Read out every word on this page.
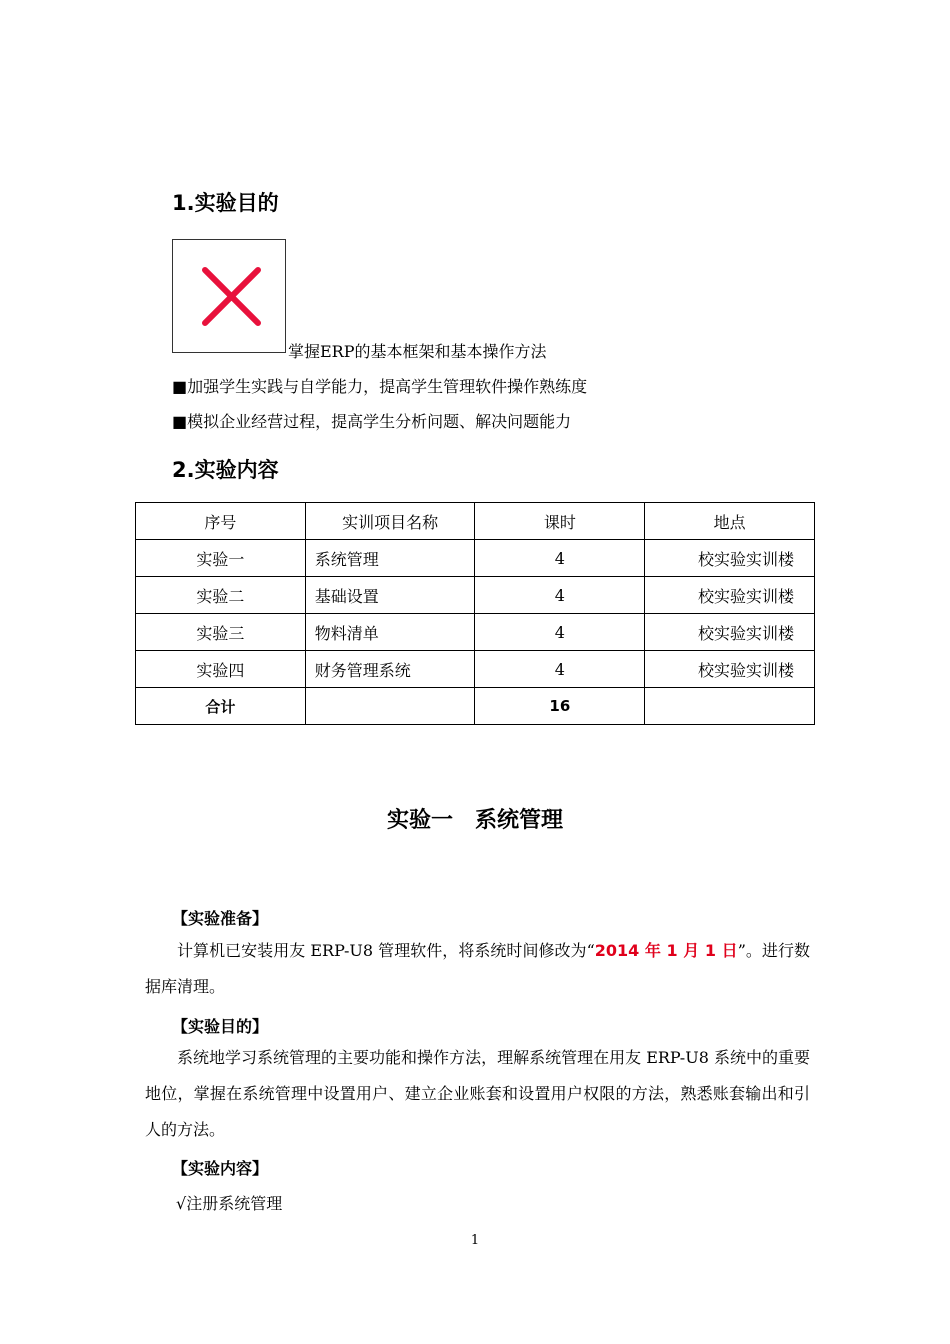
1.实验目的
掌握ERP的基本框架和基本操作方法
■加强学生实践与自学能力，提高学生管理软件操作熟练度
■模拟企业经营过程，提高学生分析问题、解决问题能力
2.实验内容
序号	实训项目名称	课时	地点
实验一	系统管理	4	校实验实训楼
实验二	基础设置	4	校实验实训楼
实验三	物料清单	4	校实验实训楼
实验四	财务管理系统	4	校实验实训楼
合计		16	
实验一　系统管理
【实验准备】
计算机已安装用友 ERP-U8 管理软件，将系统时间修改为“2014 年 1 月 1 日”。进行数据库清理。
【实验目的】
系统地学习系统管理的主要功能和操作方法，理解系统管理在用友 ERP-U8 系统中的重要地位，掌握在系统管理中设置用户、建立企业账套和设置用户权限的方法，熟悉账套输出和引人的方法。
【实验内容】
√注册系统管理
1
